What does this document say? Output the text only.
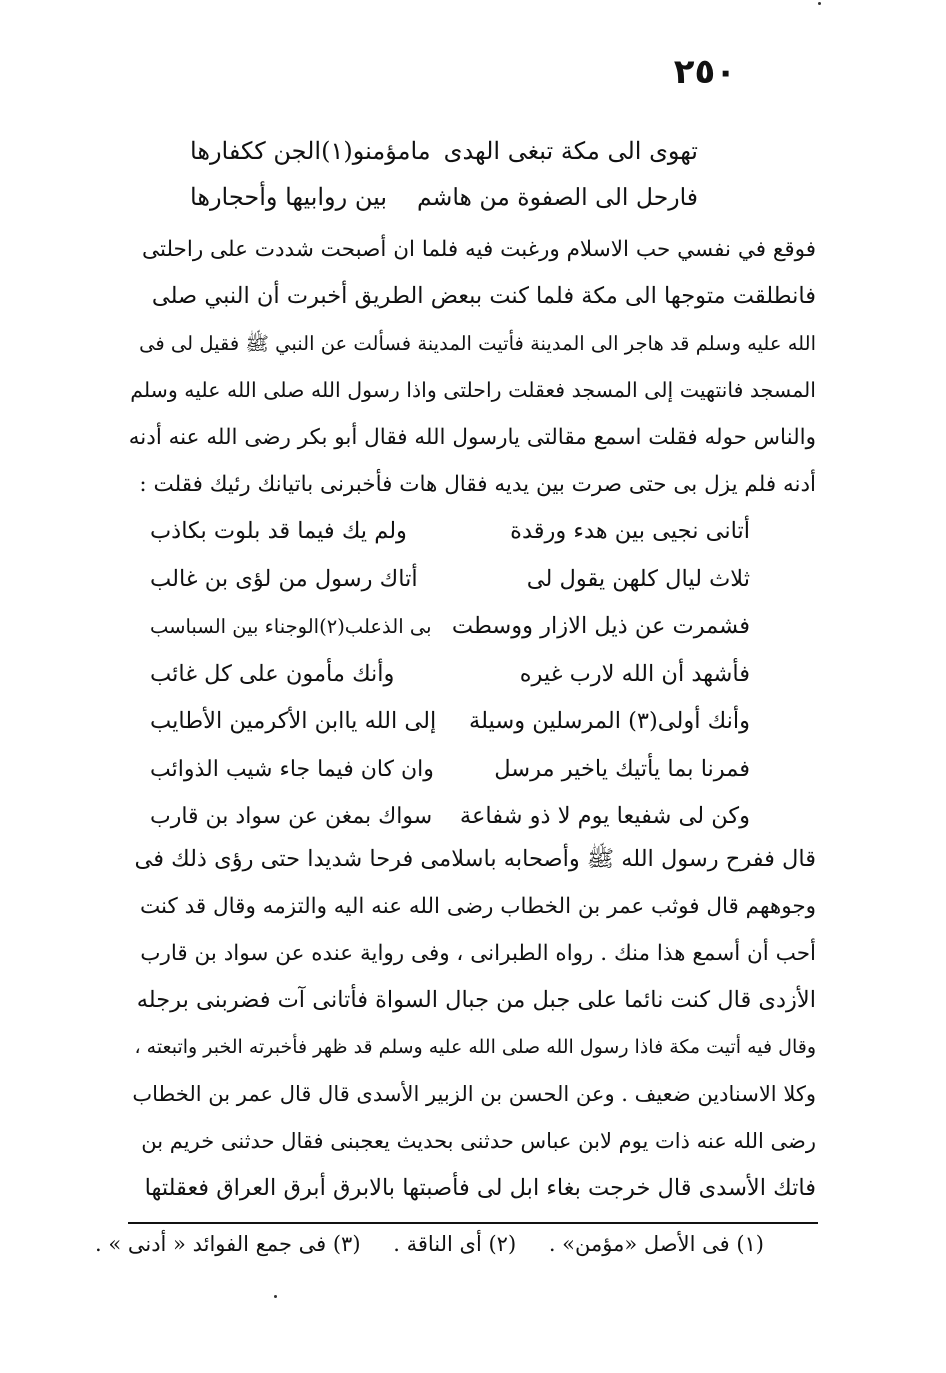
٢٥٠
تهوى الى مكة تبغى الهدى
مامؤمنو(١)الجن ككفارها
فارحل الى الصفوة من هاشم
بين روابيها وأحجارها
فوقع في نفسي حب الاسلام ورغبت فيه فلما ان أصبحت شددت على راحلتى
فانطلقت متوجها الى مكة فلما كنت ببعض الطريق أخبرت أن النبي صلى
الله عليه وسلم قد هاجر الى المدينة فأتيت المدينة فسألت عن النبي ﷺ فقيل لى فى
المسجد فانتهيت إلى المسجد فعقلت راحلتى واذا رسول الله صلى الله عليه وسلم
والناس حوله فقلت اسمع مقالتى يارسول الله فقال أبو بكر رضى الله عنه أدنه
أدنه فلم يزل بى حتى صرت بين يديه فقال هات فأخبرنى باتيانك رئيك فقلت :
أتانى نجيى بين هدء ورقدة
ولم يك فيما قد بلوت بكاذب
ثلاث ليال كلهن يقول لى
أتاك رسول من لؤى بن غالب
فشمرت عن ذيل الازار ووسطت
بى الذعلب(٢)الوجناء بين السباسب
فأشهد أن الله لارب غيره
وأنك مأمون على كل غائب
وأنك أولى(٣) المرسلين وسيلة
إلى الله ياابن الأكرمين الأطايب
فمرنا بما يأتيك ياخير مرسل
وان كان فيما جاء شيب الذوائب
وكن لى شفيعا يوم لا ذو شفاعة
سواك بمغن عن سواد بن قارب
قال ففرح رسول الله ﷺ وأصحابه باسلامى فرحا شديدا حتى رؤى ذلك فى
وجوههم قال فوثب عمر بن الخطاب رضى الله عنه اليه والتزمه وقال قد كنت
أحب أن أسمع هذا منك . رواه الطبرانى ، وفى رواية عنده عن سواد بن قارب
الأزدى قال كنت نائما على جبل من جبال السواة فأتانى آت فضربنى برجله
وقال فيه أتيت مكة فاذا رسول الله صلى الله عليه وسلم قد ظهر فأخبرته الخبر واتبعته ،
وكلا الاسنادين ضعيف . وعن الحسن بن الزبير الأسدى قال قال عمر بن الخطاب
رضى الله عنه ذات يوم لابن عباس حدثنى بحديث يعجبنى فقال حدثنى خريم بن
فاتك الأسدى قال خرجت بغاء ابل لى فأصبتها بالابرق أبرق العراق فعقلتها
(١) فى الأصل «مؤمن» . (٢) أى الناقة . (٣) فى جمع الفوائد « أدنى » .
